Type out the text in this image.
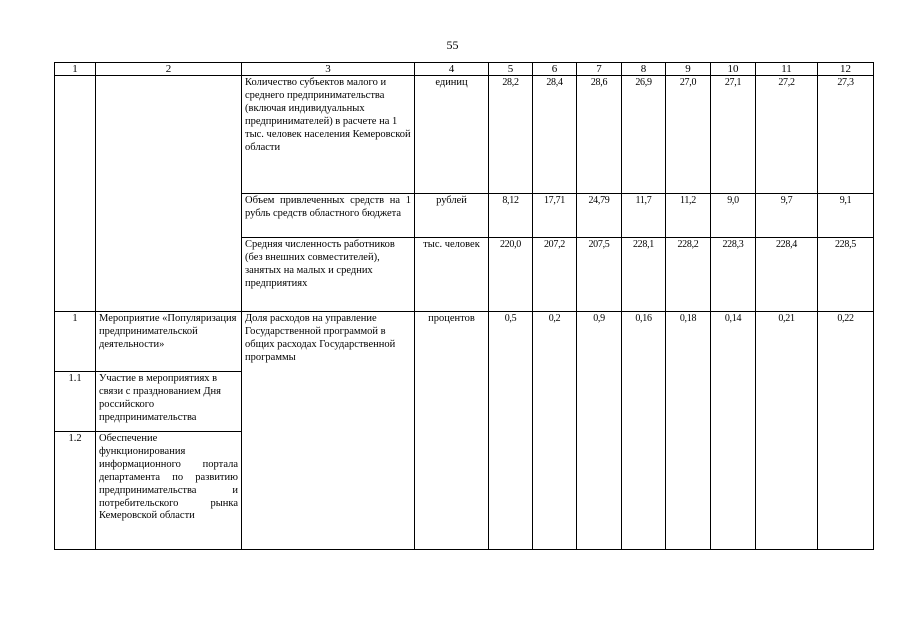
55
1	2	3	4	5	6	7	8	9	10	11	12
		Количество субъектов малого и среднего предпринимательства (включая индивидуальных предпринимателей) в расчете на 1 тыс. человек населения Кемеровской области	единиц	28,2	28,4	28,6	26,9	27,0	27,1	27,2	27,3
		Объем привлеченных средств на 1 рубль средств областного бюджета	рублей	8,12	17,71	24,79	11,7	11,2	9,0	9,7	9,1
		Средняя численность работников (без внешних совместителей), занятых на малых и средних предприятиях	тыс. человек	220,0	207,2	207,5	228,1	228,2	228,3	228,4	228,5
1	Мероприятие «Популяризация предпринимательской деятельности»	Доля расходов на управление Государственной программой в общих расходах Государственной программы	процентов	0,5	0,2	0,9	0,16	0,18	0,14	0,21	0,22
1.1	Участие в мероприятиях в связи с празднованием Дня российского предпринимательства										
1.2	Обеспечение функционирования информационного портала департамента по развитию предпринимательства и потребительского рынка Кемеровской области										
